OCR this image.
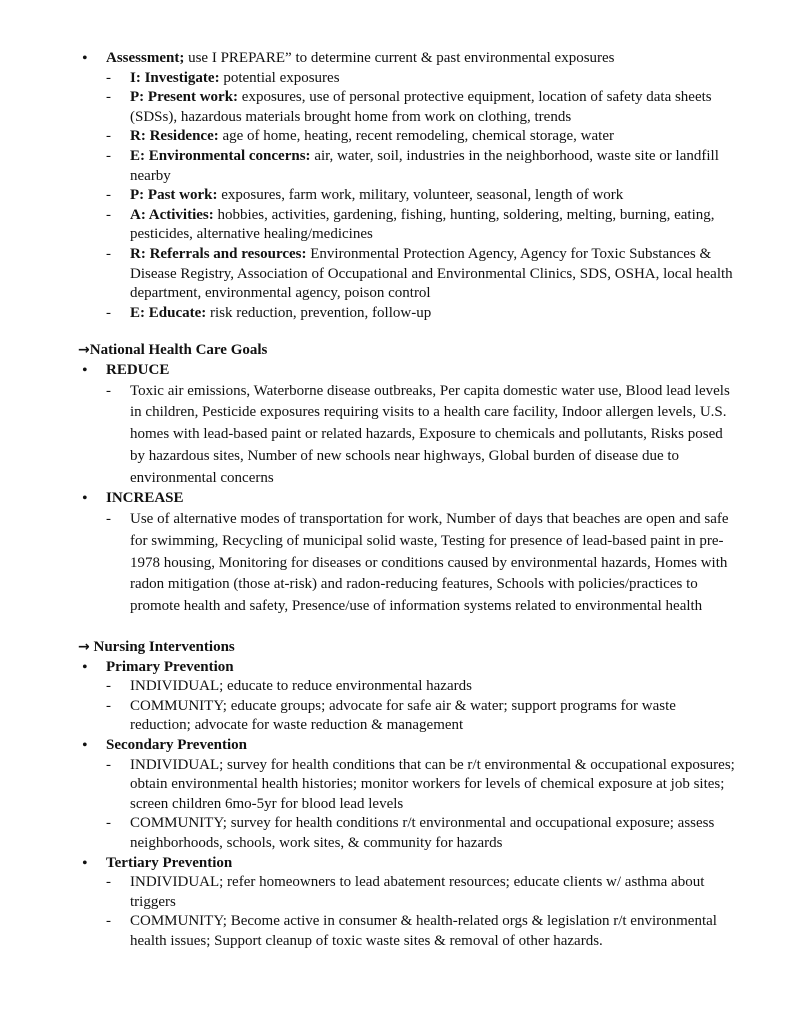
• Assessment; use I PREPARE” to determine current & past environmental exposures
- I: Investigate: potential exposures
- P: Present work: exposures, use of personal protective equipment, location of safety data sheets (SDSs), hazardous materials brought home from work on clothing, trends
- R: Residence: age of home, heating, recent remodeling, chemical storage, water
- E: Environmental concerns: air, water, soil, industries in the neighborhood, waste site or landfill nearby
- P: Past work: exposures, farm work, military, volunteer, seasonal, length of work
- A: Activities: hobbies, activities, gardening, fishing, hunting, soldering, melting, burning, eating, pesticides, alternative healing/medicines
- R: Referrals and resources: Environmental Protection Agency, Agency for Toxic Substances & Disease Registry, Association of Occupational and Environmental Clinics, SDS, OSHA, local health department, environmental agency, poison control
- E: Educate: risk reduction, prevention, follow-up
→National Health Care Goals
• REDUCE
- Toxic air emissions, Waterborne disease outbreaks, Per capita domestic water use, Blood lead levels in children, Pesticide exposures requiring visits to a health care facility, Indoor allergen levels, U.S. homes with lead-based paint or related hazards, Exposure to chemicals and pollutants, Risks posed by hazardous sites, Number of new schools near highways, Global burden of disease due to environmental concerns
• INCREASE
- Use of alternative modes of transportation for work, Number of days that beaches are open and safe for swimming, Recycling of municipal solid waste, Testing for presence of lead-based paint in pre-1978 housing, Monitoring for diseases or conditions caused by environmental hazards, Homes with radon mitigation (those at-risk) and radon-reducing features, Schools with policies/practices to promote health and safety, Presence/use of information systems related to environmental health
→ Nursing Interventions
• Primary Prevention
- INDIVIDUAL; educate to reduce environmental hazards
- COMMUNITY; educate groups; advocate for safe air & water; support programs for waste reduction; advocate for waste reduction & management
• Secondary Prevention
- INDIVIDUAL; survey for health conditions that can be r/t environmental & occupational exposures; obtain environmental health histories; monitor workers for levels of chemical exposure at job sites; screen children 6mo-5yr for blood lead levels
- COMMUNITY; survey for health conditions r/t environmental and occupational exposure; assess neighborhoods, schools, work sites, & community for hazards
• Tertiary Prevention
- INDIVIDUAL; refer homeowners to lead abatement resources; educate clients w/ asthma about triggers
- COMMUNITY; Become active in consumer & health-related orgs & legislation r/t environmental health issues; Support cleanup of toxic waste sites & removal of other hazards.
